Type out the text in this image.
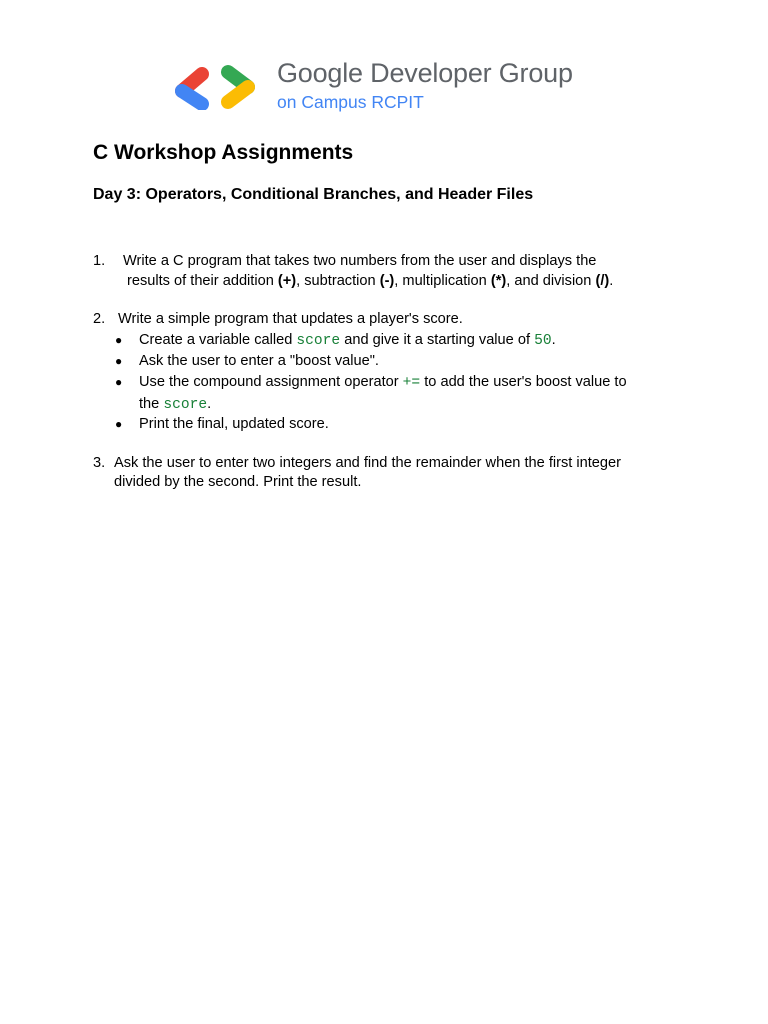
Google Developer Group
on Campus RCPIT
C Workshop Assignments
Day 3: Operators, Conditional Branches, and Header Files
1. Write a C program that takes two numbers from the user and displays the
results of their addition (+), subtraction (-), multiplication (*), and division (/).
2. Write a simple program that updates a player's score.
● Create a variable called score and give it a starting value of 50.
● Ask the user to enter a "boost value".
● Use the compound assignment operator += to add the user's boost value to
the score.
● Print the final, updated score.
3. Ask the user to enter two integers and find the remainder when the first integer
divided by the second. Print the result.
